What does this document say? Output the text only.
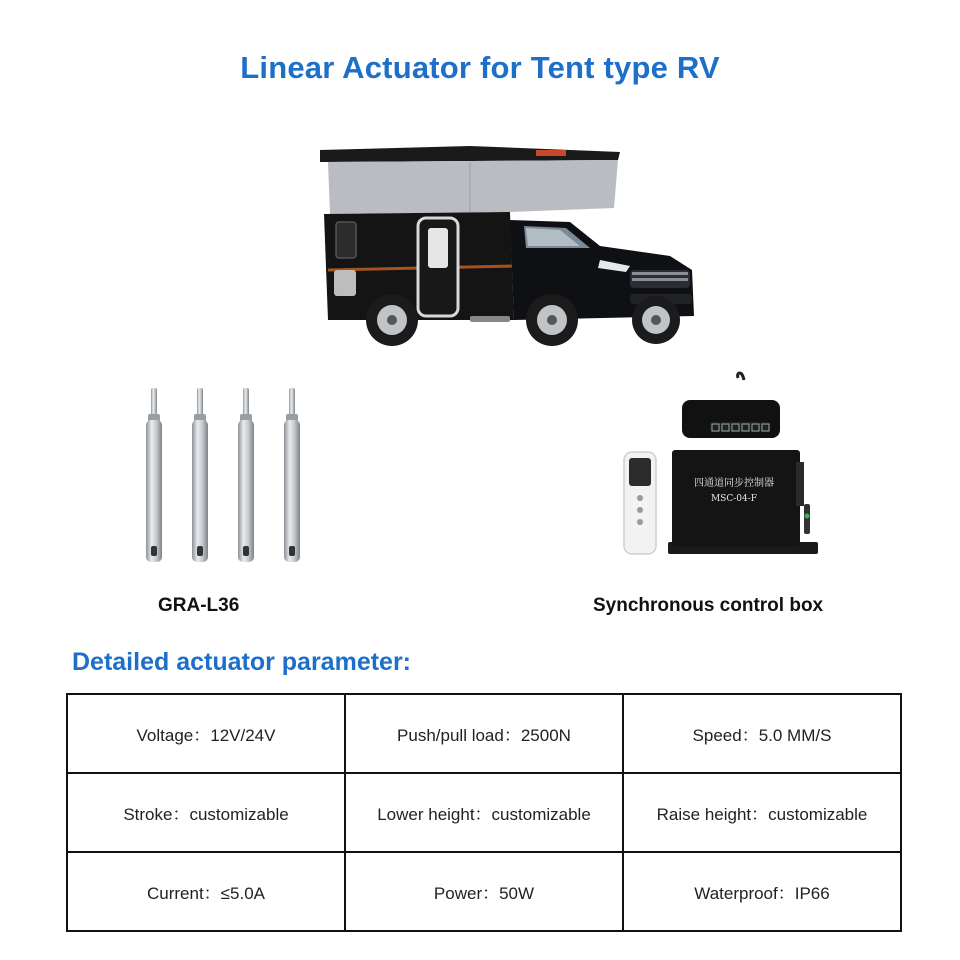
Linear Actuator for Tent type RV
四通道同步控制器
MSC-04-F
GRA-L36	Synchronous control box
Detailed actuator parameter:
Voltage：12V/24V	Push/pull load：2500N	Speed：5.0 MM/S
Stroke：customizable	Lower height：customizable	Raise height：customizable
Current：≤5.0A	Power：50W	Waterproof：IP66
